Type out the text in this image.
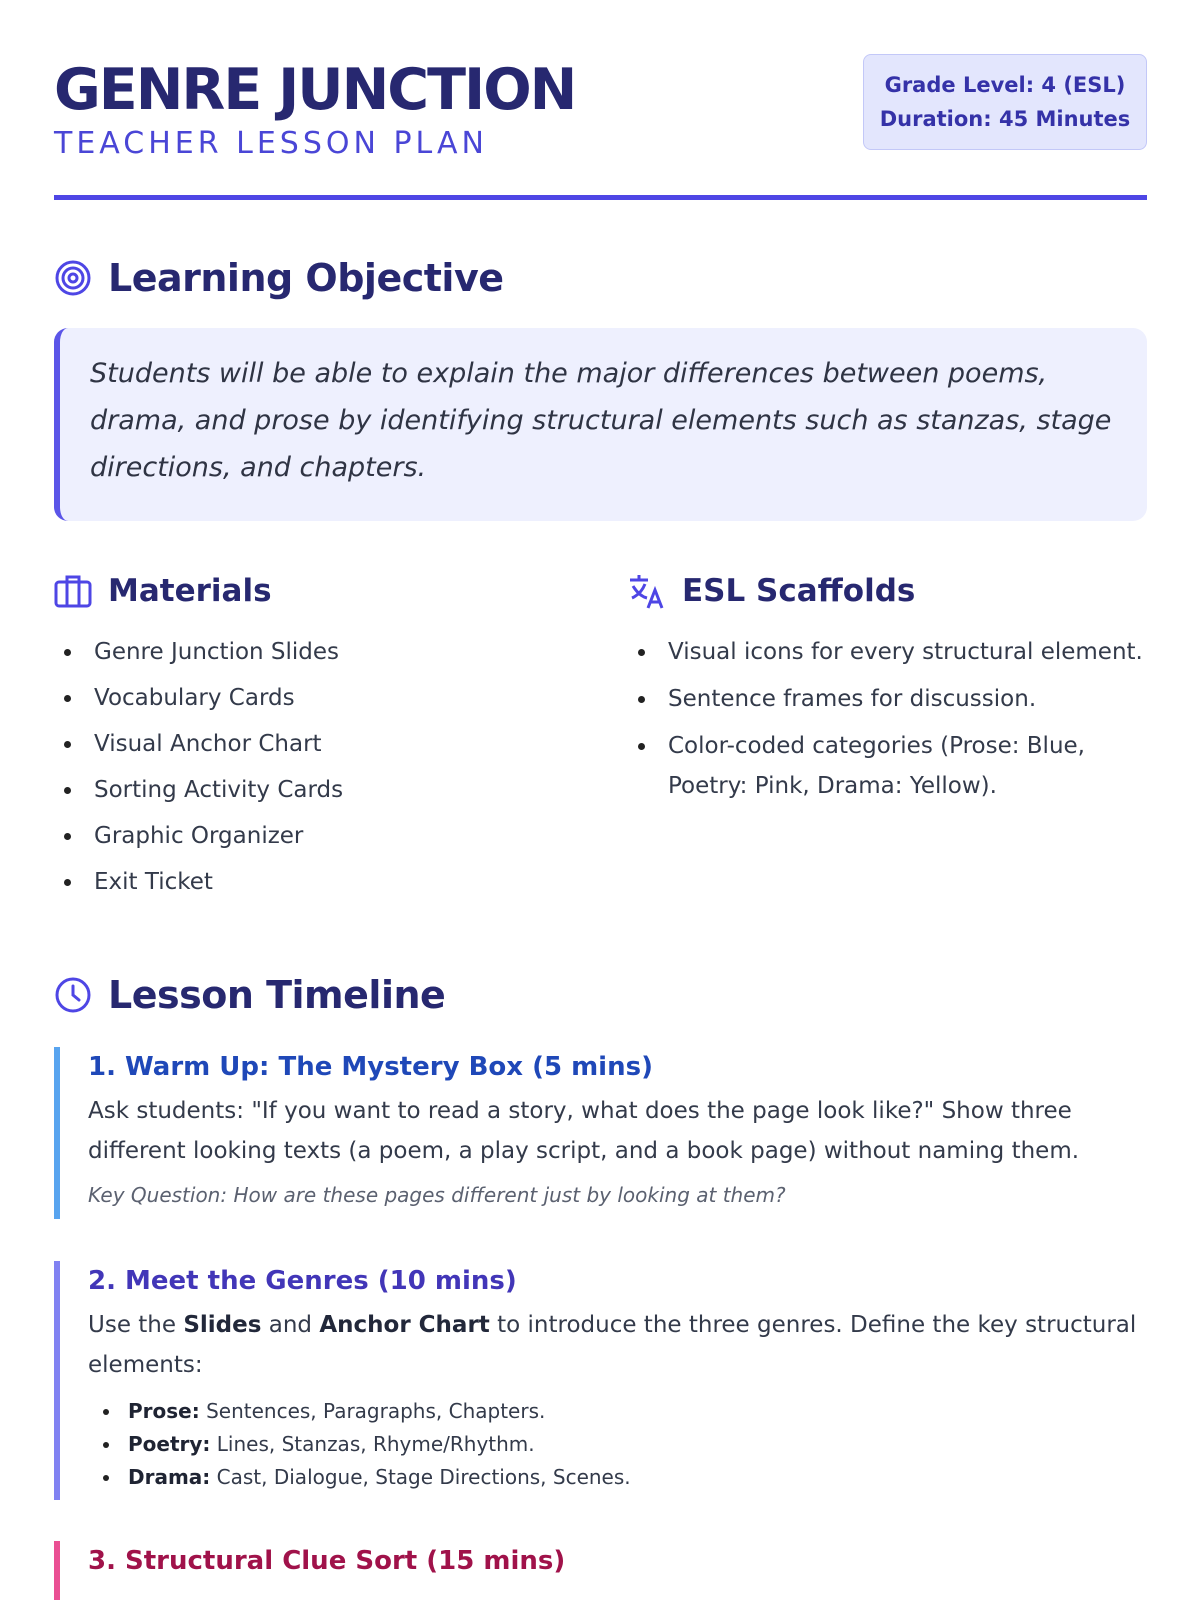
GENRE JUNCTION
TEACHER LESSON PLAN
Grade Level: 4 (ESL)
Duration: 45 Minutes
Learning Objective

Students will be able to explain the major differences between poems, drama, and prose by identifying structural elements such as stanzas, stage directions, and chapters.

Materials
Genre Junction Slides
Vocabulary Cards
Visual Anchor Chart
Sorting Activity Cards
Graphic Organizer
Exit Ticket
ESL Scaffolds
Visual icons for every structural element.
Sentence frames for discussion.
Color-coded categories (Prose: Blue, Poetry: Pink, Drama: Yellow).
Lesson Timeline
1. Warm Up: The Mystery Box (5 mins)
Ask students: "If you want to read a story, what does the page look like?" Show three different looking texts (a poem, a play script, and a book page) without naming them.
Key Question: How are these pages different just by looking at them?
2. Meet the Genres (10 mins)
Use the Slides and Anchor Chart to introduce the three genres. Define the key structural elements:
Prose: Sentences, Paragraphs, Chapters.
Poetry: Lines, Stanzas, Rhyme/Rhythm.
Drama: Cast, Dialogue, Stage Directions, Scenes.
3. Structural Clue Sort (15 mins)
